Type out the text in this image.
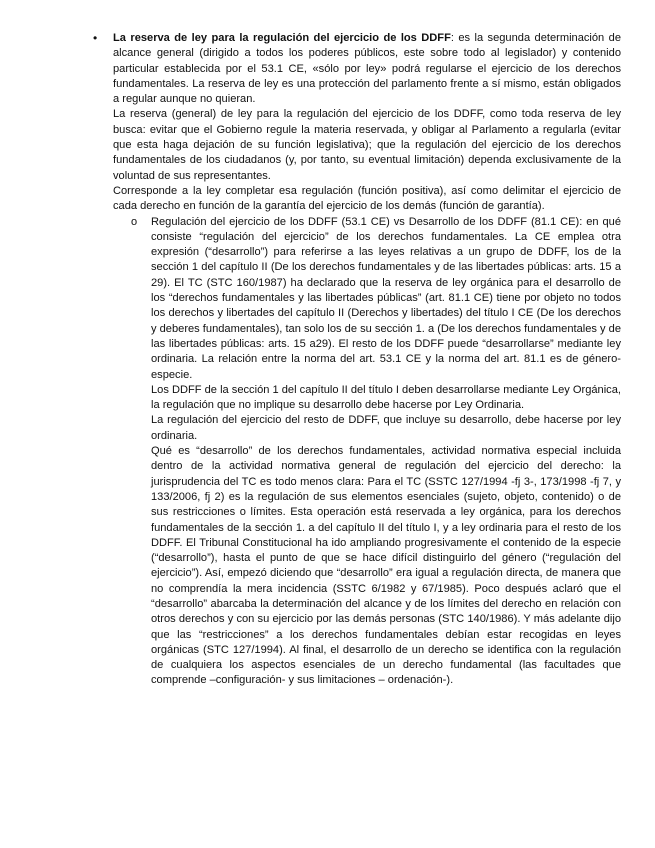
• La reserva de ley para la regulación del ejercicio de los DDFF: es la segunda determinación de alcance general (dirigido a todos los poderes públicos, este sobre todo al legislador) y contenido particular establecida por el 53.1 CE, «sólo por ley» podrá regularse el ejercicio de los derechos fundamentales. La reserva de ley es una protección del parlamento frente a sí mismo, están obligados a regular aunque no quieran.

La reserva (general) de ley para la regulación del ejercicio de los DDFF, como toda reserva de ley busca: evitar que el Gobierno regule la materia reservada, y obligar al Parlamento a regularla (evitar que esta haga dejación de su función legislativa); que la regulación del ejercicio de los derechos fundamentales de los ciudadanos (y, por tanto, su eventual limitación) dependa exclusivamente de la voluntad de sus representantes.

Corresponde a la ley completar esa regulación (función positiva), así como delimitar el ejercicio de cada derecho en función de la garantía del ejercicio de los demás (función de garantía).

o Regulación del ejercicio de los DDFF (53.1 CE) vs Desarrollo de los DDFF (81.1 CE): en qué consiste “regulación del ejercicio” de los derechos fundamentales. La CE emplea otra expresión (“desarrollo”) para referirse a las leyes relativas a un grupo de DDFF, los de la sección 1 del capítulo II (De los derechos fundamentales y de las libertades públicas: arts. 15 a 29). El TC (STC 160/1987) ha declarado que la reserva de ley orgánica para el desarrollo de los “derechos fundamentales y las libertades públicas” (art. 81.1 CE) tiene por objeto no todos los derechos y libertades del capítulo II (Derechos y libertades) del título I CE (De los derechos y deberes fundamentales), tan solo los de su sección 1. a (De los derechos fundamentales y de las libertades públicas: arts. 15 a29). El resto de los DDFF puede “desarrollarse” mediante ley ordinaria. La relación entre la norma del art. 53.1 CE y la norma del art. 81.1 es de género-especie.

Los DDFF de la sección 1 del capítulo II del título I deben desarrollarse mediante Ley Orgánica, la regulación que no implique su desarrollo debe hacerse por Ley Ordinaria.

La regulación del ejercicio del resto de DDFF, que incluye su desarrollo, debe hacerse por ley ordinaria.

Qué es “desarrollo” de los derechos fundamentales, actividad normativa especial incluida dentro de la actividad normativa general de regulación del ejercicio del derecho: la jurisprudencia del TC es todo menos clara: Para el TC (SSTC 127/1994 -fj 3-, 173/1998 -fj 7, y 133/2006, fj 2) es la regulación de sus elementos esenciales (sujeto, objeto, contenido) o de sus restricciones o límites. Esta operación está reservada a ley orgánica, para los derechos fundamentales de la sección 1. a del capítulo II del título I, y a ley ordinaria para el resto de los DDFF. El Tribunal Constitucional ha ido ampliando progresivamente el contenido de la especie (“desarrollo”), hasta el punto de que se hace difícil distinguirlo del género (“regulación del ejercicio”). Así, empezó diciendo que “desarrollo” era igual a regulación directa, de manera que no comprendía la mera incidencia (SSTC 6/1982 y 67/1985). Poco después aclaró que el “desarrollo” abarcaba la determinación del alcance y de los límites del derecho en relación con otros derechos y con su ejercicio por las demás personas (STC 140/1986). Y más adelante dijo que las “restricciones” a los derechos fundamentales debían estar recogidas en leyes orgánicas (STC 127/1994). Al final, el desarrollo de un derecho se identifica con la regulación de cualquiera los aspectos esenciales de un derecho fundamental (las facultades que comprende –configuración- y sus limitaciones – ordenación-).
